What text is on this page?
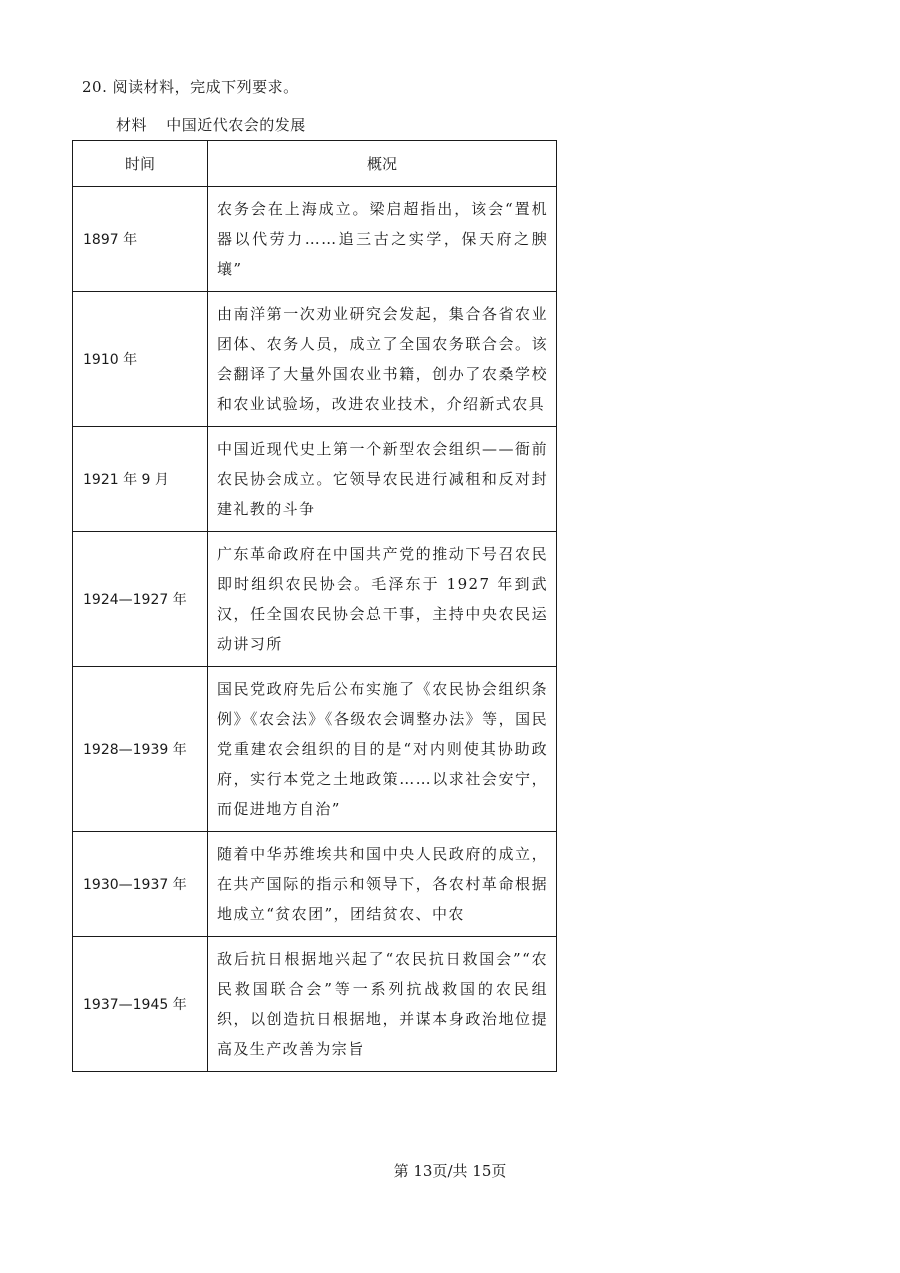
20. 阅读材料，完成下列要求。
材料 中国近代农会的发展
时间	概况
1897 年	农务会在上海成立。梁启超指出，该会“置机器以代劳力……追三古之实学，保天府之腴壤”
1910 年	由南洋第一次劝业研究会发起，集合各省农业团体、农务人员，成立了全国农务联合会。该会翻译了大量外国农业书籍，创办了农桑学校和农业试验场，改进农业技术，介绍新式农具
1921 年 9 月	中国近现代史上第一个新型农会组织——衙前农民协会成立。它领导农民进行减租和反对封建礼教的斗争
1924—1927 年	广东革命政府在中国共产党的推动下号召农民即时组织农民协会。毛泽东于 1927 年到武汉，任全国农民协会总干事，主持中央农民运动讲习所
1928—1939 年	国民党政府先后公布实施了《农民协会组织条例》《农会法》《各级农会调整办法》等，国民党重建农会组织的目的是“对内则使其协助政府，实行本党之土地政策……以求社会安宁，而促进地方自治”
1930—1937 年	随着中华苏维埃共和国中央人民政府的成立，在共产国际的指示和领导下，各农村革命根据地成立“贫农团”，团结贫农、中农
1937—1945 年	敌后抗日根据地兴起了“农民抗日救国会”“农民救国联合会”等一系列抗战救国的农民组织，以创造抗日根据地，并谋本身政治地位提高及生产改善为宗旨
第 13页/共 15页
